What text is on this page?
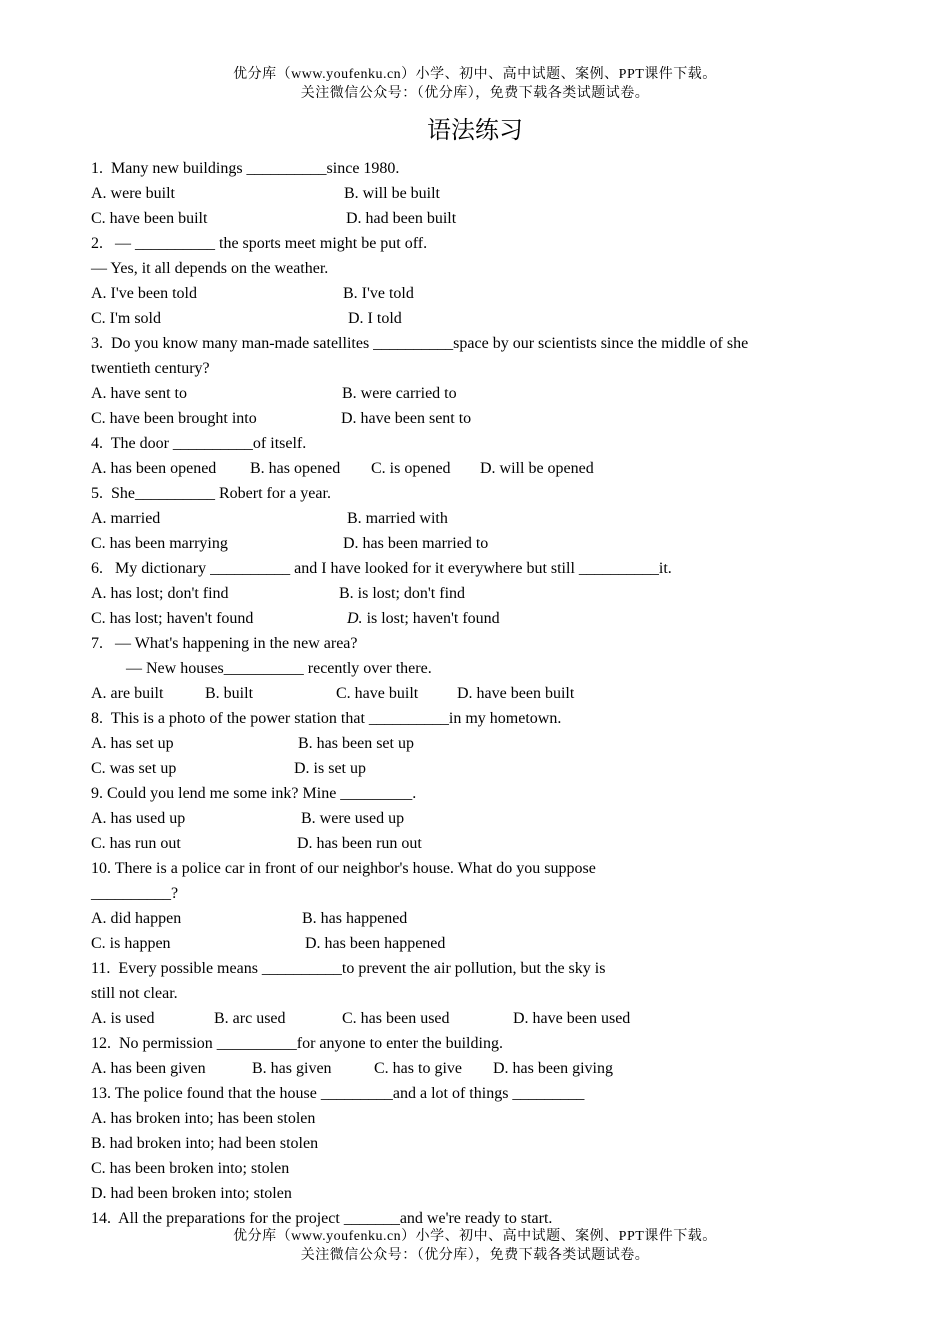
优分库（www.youfenku.cn）小学、初中、高中试题、案例、PPT课件下载。
关注微信公众号：（优分库），免费下载各类试题试卷。
语法练习
1.  Many new buildings __________since 1980.

A. were built

	B. will be built

C. have been built

	D. had been built

2.   — __________ the sports meet might be put off.
— Yes, it all depends on the weather.

A. I've been told

	B. I've told

C. I'm sold

	D. I told

3.  Do you know many man-made satellites __________space by our scientists since the middle of she
twentieth century?

A. have sent to

	B. were carried to

C. have been brought into

	D. have been sent to

4.  The door __________of itself.

A. has been opened

B. has opened

C. is opened

D. will be opened

5.  She__________ Robert for a year.

A. married

	B. married with

C. has been marrying

	D. has been married to

6.   My dictionary __________ and I have looked for it everywhere but still __________it.

A. has lost; don't find

	B. is lost; don't find

C. has lost; haven't found

	D. is lost; haven't found

7.   — What's happening in the new area?
— New houses__________ recently over there.

A. are built

	B. built

	C. have built

D. have been built

8.  This is a photo of the power station that __________in my hometown.

A. has set up

	B. has been set up

C. was set up

	D. is set up

9. Could you lend me some ink? Mine _________.

A. has used up

	B. were used up

C. has run out

	D. has been run out

10. There is a police car in front of our neighbor's house. What do you suppose
__________?

A. did happen

	B. has happened

C. is happen

	D. has been happened

11.  Every possible means __________to prevent the air pollution, but the sky is
still not clear.

A. is used

	B. arc used

	C. has been used

	D. have been used

12.  No permission __________for anyone to enter the building.

A. has been given

	B. has given

	C. has to give

D. has been giving

13. The police found that the house _________and a lot of things _________
A. has broken into; has been stolen
B. had broken into; had been stolen
C. has been broken into; stolen
D. had been broken into; stolen
14.  All the preparations for the project _______and we're ready to start.
优分库（www.youfenku.cn）小学、初中、高中试题、案例、PPT课件下载。
关注微信公众号：（优分库），免费下载各类试题试卷。
